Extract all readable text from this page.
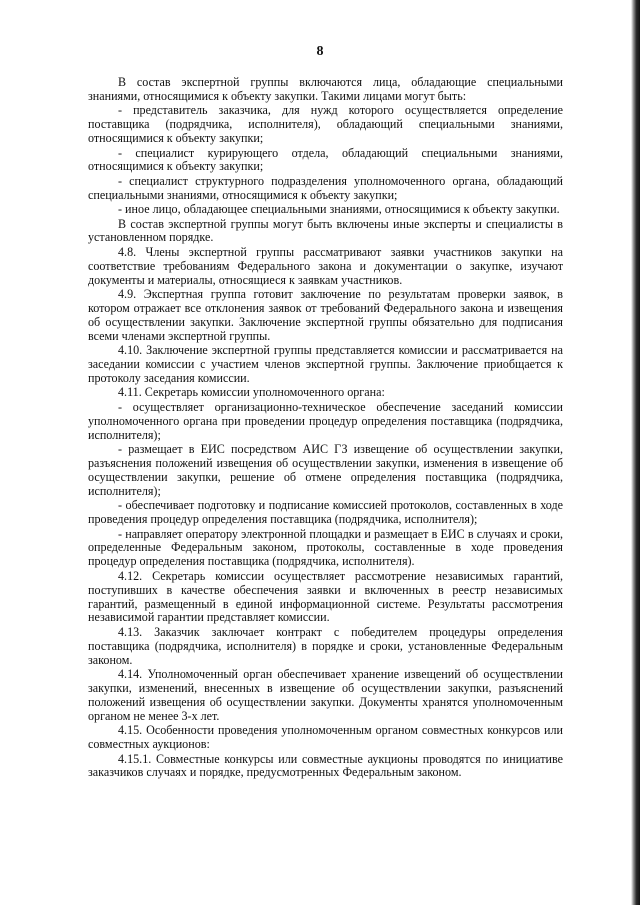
8

В состав экспертной группы включаются лица, обладающие специальными знаниями, относящимися к объекту закупки. Такими лицами могут быть:

- представитель заказчика, для нужд которого осуществляется определение поставщика (подрядчика, исполнителя), обладающий специальными знаниями, относящимися к объекту закупки;

- специалист курирующего отдела, обладающий специальными знаниями, относящимися к объекту закупки;

- специалист структурного подразделения уполномоченного органа, обладающий специальными знаниями, относящимися к объекту закупки;

- иное лицо, обладающее специальными знаниями, относящимися к объекту закупки.

В состав экспертной группы могут быть включены иные эксперты и специалисты в установленном порядке.

4.8. Члены экспертной группы рассматривают заявки участников закупки на соответствие требованиям Федерального закона и документации о закупке, изучают документы и материалы, относящиеся к заявкам участников.

4.9. Экспертная группа готовит заключение по результатам проверки заявок, в котором отражает все отклонения заявок от требований Федерального закона и извещения об осуществлении закупки. Заключение экспертной группы обязательно для подписания всеми членами экспертной группы.

4.10. Заключение экспертной группы представляется комиссии и рассматривается на заседании комиссии с участием членов экспертной группы. Заключение приобщается к протоколу заседания комиссии.

4.11. Секретарь комиссии уполномоченного органа:

- осуществляет организационно-техническое обеспечение заседаний комиссии уполномоченного органа при проведении процедур определения поставщика (подрядчика, исполнителя);

- размещает в ЕИС посредством АИС ГЗ извещение об осуществлении закупки, разъяснения положений извещения об осуществлении закупки, изменения в извещение об осуществлении закупки, решение об отмене определения поставщика (подрядчика, исполнителя);

- обеспечивает подготовку и подписание комиссией протоколов, составленных в ходе проведения процедур определения поставщика (подрядчика, исполнителя);

- направляет оператору электронной площадки и размещает в ЕИС в случаях и сроки, определенные Федеральным законом, протоколы, составленные в ходе проведения процедур определения поставщика (подрядчика, исполнителя).

4.12. Секретарь комиссии осуществляет рассмотрение независимых гарантий, поступивших в качестве обеспечения заявки и включенных в реестр независимых гарантий, размещенный в единой информационной системе. Результаты рассмотрения независимой гарантии представляет комиссии.

4.13. Заказчик заключает контракт с победителем процедуры определения поставщика (подрядчика, исполнителя) в порядке и сроки, установленные Федеральным законом.

4.14. Уполномоченный орган обеспечивает хранение извещений об осуществлении закупки, изменений, внесенных в извещение об осуществлении закупки, разъяснений положений извещения об осуществлении закупки. Документы хранятся уполномоченным органом не менее 3-х лет.

4.15. Особенности проведения уполномоченным органом совместных конкурсов или совместных аукционов:

4.15.1. Совместные конкурсы или совместные аукционы проводятся по инициативе заказчиков случаях и порядке, предусмотренных Федеральным законом.
